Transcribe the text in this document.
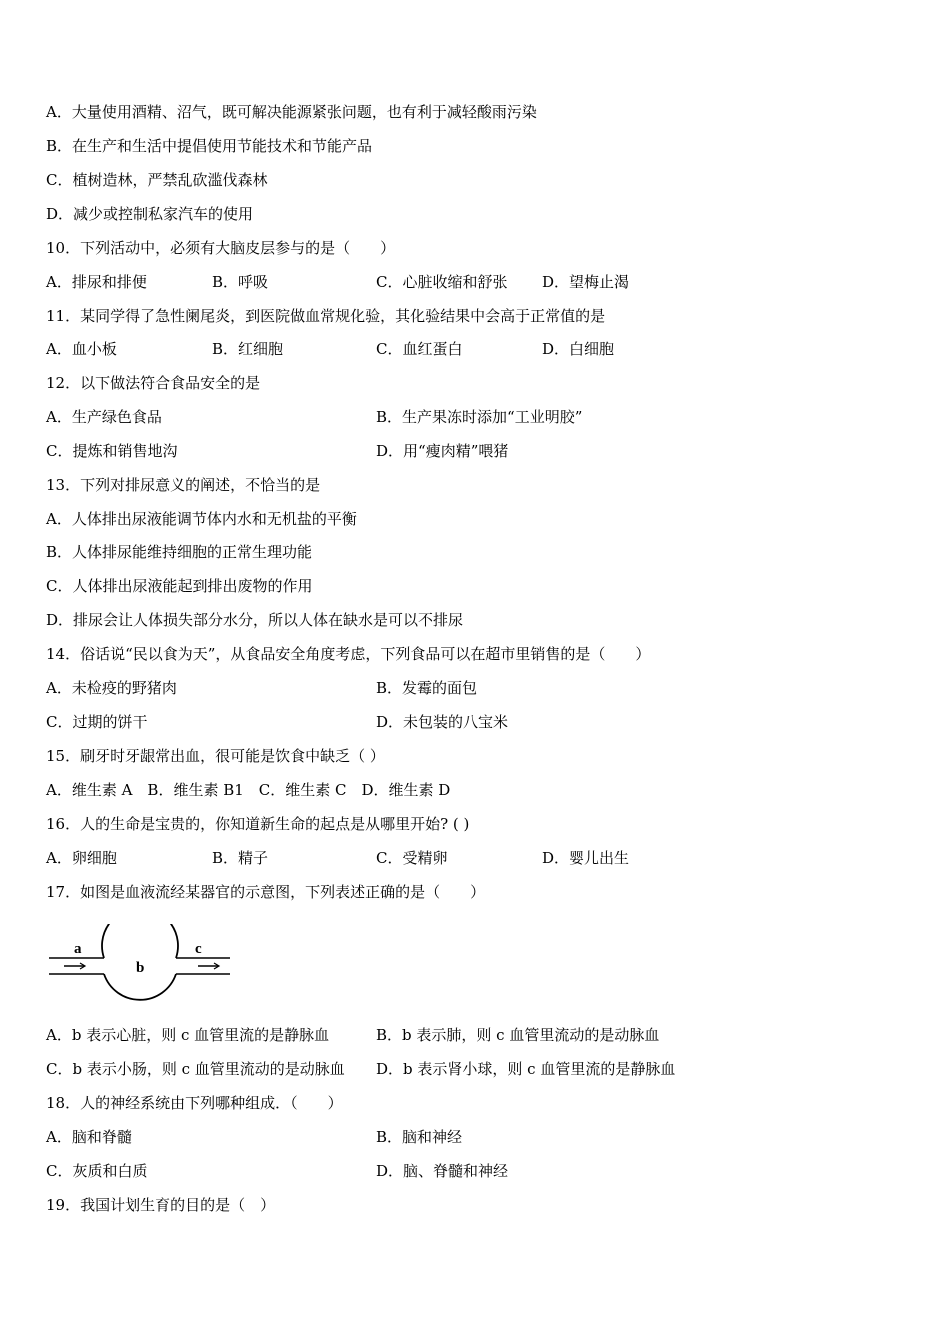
A．大量使用酒精、沼气，既可解决能源紧张问题，也有利于减轻酸雨污染
B．在生产和生活中提倡使用节能技术和节能产品
C．植树造林，严禁乱砍滥伐森林
D．减少或控制私家汽车的使用
10．下列活动中，必须有大脑皮层参与的是（　　）
A．排尿和排便	B．呼吸	C．心脏收缩和舒张 D．望梅止渴
11．某同学得了急性阑尾炎，到医院做血常规化验，其化验结果中会高于正常值的是
A．血小板	B．红细胞	C．血红蛋白	D．白细胞
12．以下做法符合食品安全的是
A．生产绿色食品	B．生产果冻时添加“工业明胶”
C．提炼和销售地沟	D．用“瘦肉精”喂猪
13．下列对排尿意义的阐述，不恰当的是
A．人体排出尿液能调节体内水和无机盐的平衡
B．人体排尿能维持细胞的正常生理功能
C．人体排出尿液能起到排出废物的作用
D．排尿会让人体损失部分水分，所以人体在缺水是可以不排尿
14．俗话说“民以食为天”，从食品安全角度考虑，下列食品可以在超市里销售的是（　　）
A．未检疫的野猪肉	B．发霉的面包
C．过期的饼干	D．未包装的八宝米
15．刷牙时牙龈常出血，很可能是饮食中缺乏（ ）
A．维生素 A　B．维生素 B1　C．维生素 C　D．维生素 D
16．人的生命是宝贵的，你知道新生命的起点是从哪里开始? ( )
A．卵细胞	B．精子	C．受精卵	D．婴儿出生
17．如图是血液流经某器官的示意图，下列表述正确的是（　　）
a
b
c
A．b 表示心脏，则 c 血管里流的是静脉血	B．b 表示肺，则 c 血管里流动的是动脉血
C．b 表示小肠，则 c 血管里流动的是动脉血 D．b 表示肾小球，则 c 血管里流的是静脉血
18．人的神经系统由下列哪种组成．（　　）
A．脑和脊髓	B．脑和神经
C．灰质和白质	D．脑、脊髓和神经
19．我国计划生育的目的是（　）
